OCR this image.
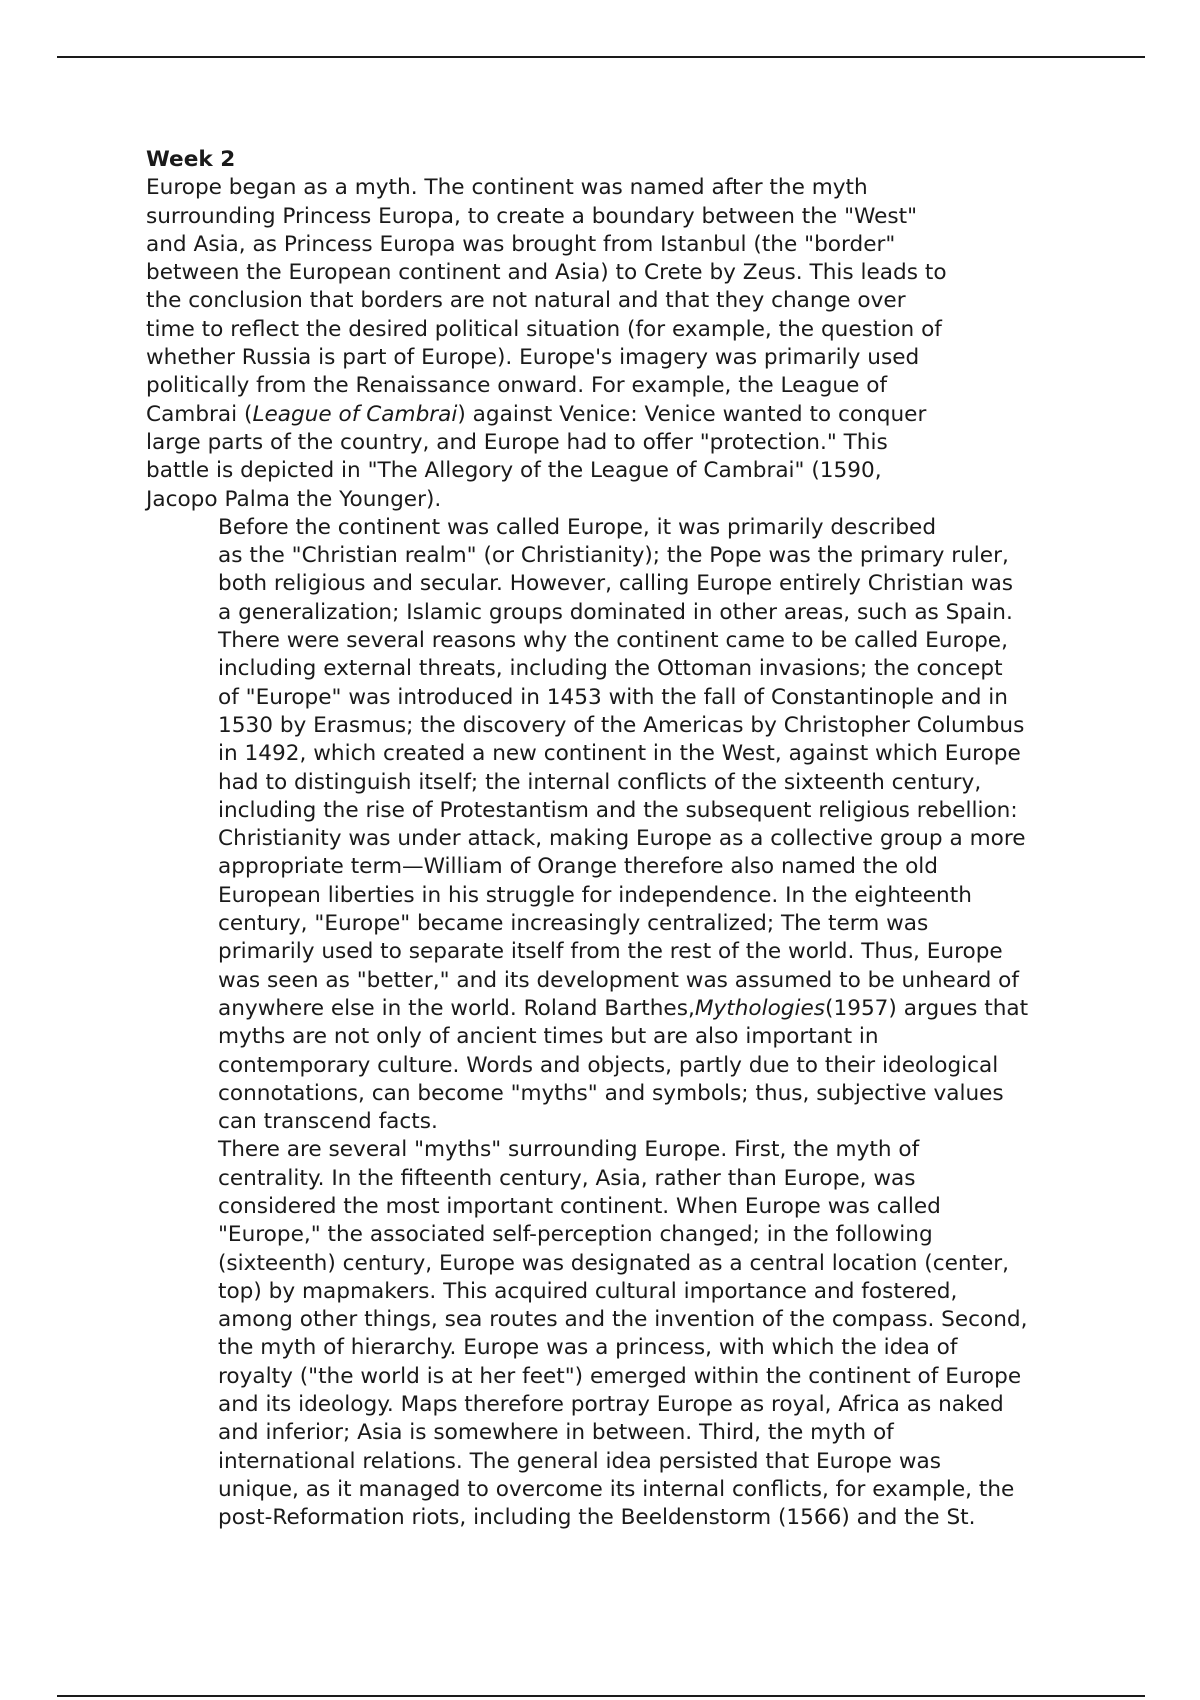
Week 2
Europe began as a myth. The continent was named after the myth
surrounding Princess Europa, to create a boundary between the "West"
and Asia, as Princess Europa was brought from Istanbul (the "border"
between the European continent and Asia) to Crete by Zeus. This leads to
the conclusion that borders are not natural and that they change over
time to reflect the desired political situation (for example, the question of
whether Russia is part of Europe). Europe's imagery was primarily used
politically from the Renaissance onward. For example, the League of
Cambrai (League of Cambrai) against Venice: Venice wanted to conquer
large parts of the country, and Europe had to offer "protection." This
battle is depicted in "The Allegory of the League of Cambrai" (1590,
Jacopo Palma the Younger).
Before the continent was called Europe, it was primarily described
as the "Christian realm" (or Christianity); the Pope was the primary ruler,
both religious and secular. However, calling Europe entirely Christian was
a generalization; Islamic groups dominated in other areas, such as Spain.
There were several reasons why the continent came to be called Europe,
including external threats, including the Ottoman invasions; the concept
of "Europe" was introduced in 1453 with the fall of Constantinople and in
1530 by Erasmus; the discovery of the Americas by Christopher Columbus
in 1492, which created a new continent in the West, against which Europe
had to distinguish itself; the internal conflicts of the sixteenth century,
including the rise of Protestantism and the subsequent religious rebellion:
Christianity was under attack, making Europe as a collective group a more
appropriate term—William of Orange therefore also named the old
European liberties in his struggle for independence. In the eighteenth
century, "Europe" became increasingly centralized; The term was
primarily used to separate itself from the rest of the world. Thus, Europe
was seen as "better," and its development was assumed to be unheard of
anywhere else in the world. Roland Barthes,Mythologies(1957) argues that
myths are not only of ancient times but are also important in
contemporary culture. Words and objects, partly due to their ideological
connotations, can become "myths" and symbols; thus, subjective values
can transcend facts.
There are several "myths" surrounding Europe. First, the myth of
centrality. In the fifteenth century, Asia, rather than Europe, was
considered the most important continent. When Europe was called
"Europe," the associated self-perception changed; in the following
(sixteenth) century, Europe was designated as a central location (center,
top) by mapmakers. This acquired cultural importance and fostered,
among other things, sea routes and the invention of the compass. Second,
the myth of hierarchy. Europe was a princess, with which the idea of
royalty ("the world is at her feet") emerged within the continent of Europe
and its ideology. Maps therefore portray Europe as royal, Africa as naked
and inferior; Asia is somewhere in between. Third, the myth of
international relations. The general idea persisted that Europe was
unique, as it managed to overcome its internal conflicts, for example, the
post-Reformation riots, including the Beeldenstorm (1566) and the St.
